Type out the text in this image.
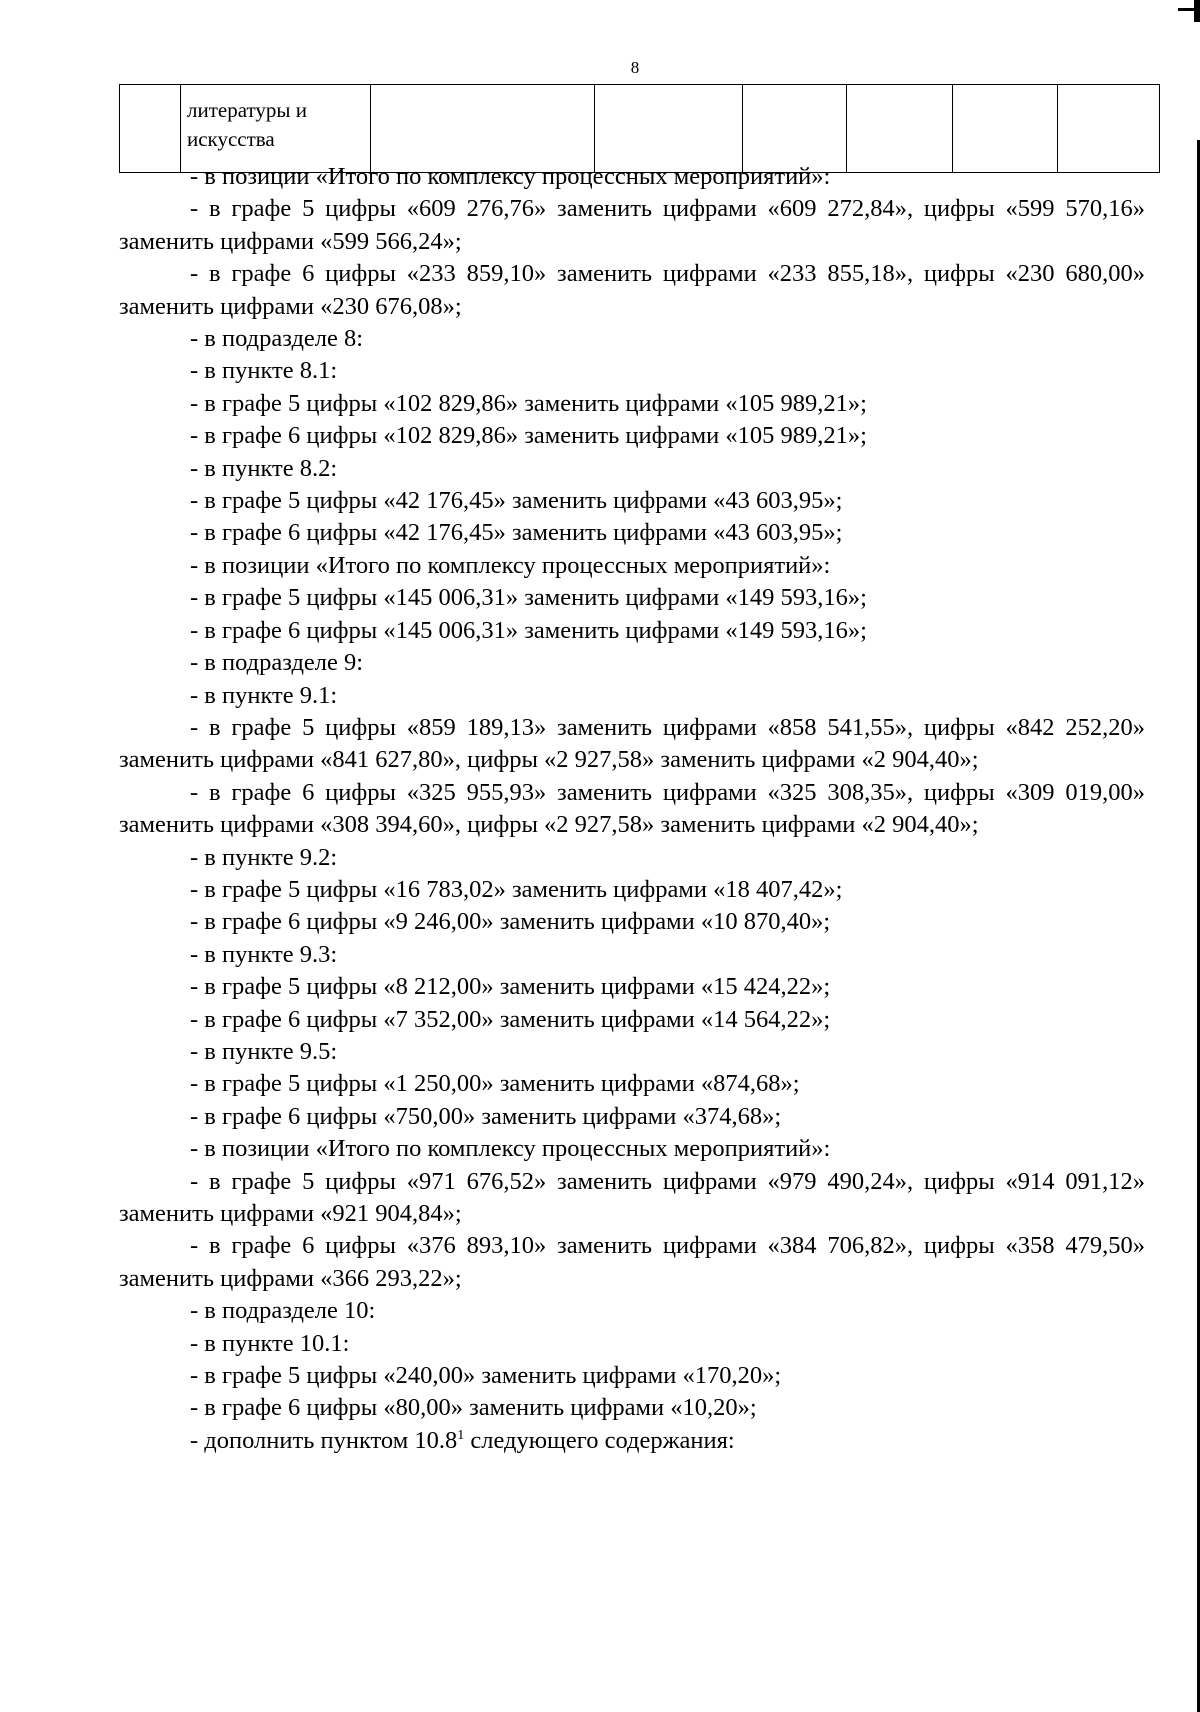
8
	литературы и
искусства						

- в позиции «Итого по комплексу процессных мероприятий»:

- в графе 5 цифры «609 276,76» заменить цифрами «609 272,84», цифры «599 570,16» заменить цифрами «599 566,24»;

- в графе 6 цифры «233 859,10» заменить цифрами «233 855,18», цифры «230 680,00» заменить цифрами «230 676,08»;

- в подразделе 8:

- в пункте 8.1:

- в графе 5 цифры «102 829,86» заменить цифрами «105 989,21»;

- в графе 6 цифры «102 829,86» заменить цифрами «105 989,21»;

- в пункте 8.2:

- в графе 5 цифры «42 176,45» заменить цифрами «43 603,95»;

- в графе 6 цифры «42 176,45» заменить цифрами «43 603,95»;

- в позиции «Итого по комплексу процессных мероприятий»:

- в графе 5 цифры «145 006,31» заменить цифрами «149 593,16»;

- в графе 6 цифры «145 006,31» заменить цифрами «149 593,16»;

- в подразделе 9:

- в пункте 9.1:

- в графе 5 цифры «859 189,13» заменить цифрами «858 541,55», цифры «842 252,20» заменить цифрами «841 627,80», цифры «2 927,58» заменить цифрами «2 904,40»;

- в графе 6 цифры «325 955,93» заменить цифрами «325 308,35», цифры «309 019,00» заменить цифрами «308 394,60», цифры «2 927,58» заменить цифрами «2 904,40»;

- в пункте 9.2:

- в графе 5 цифры «16 783,02» заменить цифрами «18 407,42»;

- в графе 6 цифры «9 246,00» заменить цифрами «10 870,40»;

- в пункте 9.3:

- в графе 5 цифры «8 212,00» заменить цифрами «15 424,22»;

- в графе 6 цифры «7 352,00» заменить цифрами «14 564,22»;

- в пункте 9.5:

- в графе 5 цифры «1 250,00» заменить цифрами «874,68»;

- в графе 6 цифры «750,00» заменить цифрами «374,68»;

- в позиции «Итого по комплексу процессных мероприятий»:

- в графе 5 цифры «971 676,52» заменить цифрами «979 490,24», цифры «914 091,12» заменить цифрами «921 904,84»;

- в графе 6 цифры «376 893,10» заменить цифрами «384 706,82», цифры «358 479,50» заменить цифрами «366 293,22»;

- в подразделе 10:

- в пункте 10.1:

- в графе 5 цифры «240,00» заменить цифрами «170,20»;

- в графе 6 цифры «80,00» заменить цифрами «10,20»;

- дополнить пунктом 10.8$^1$ следующего содержания:
